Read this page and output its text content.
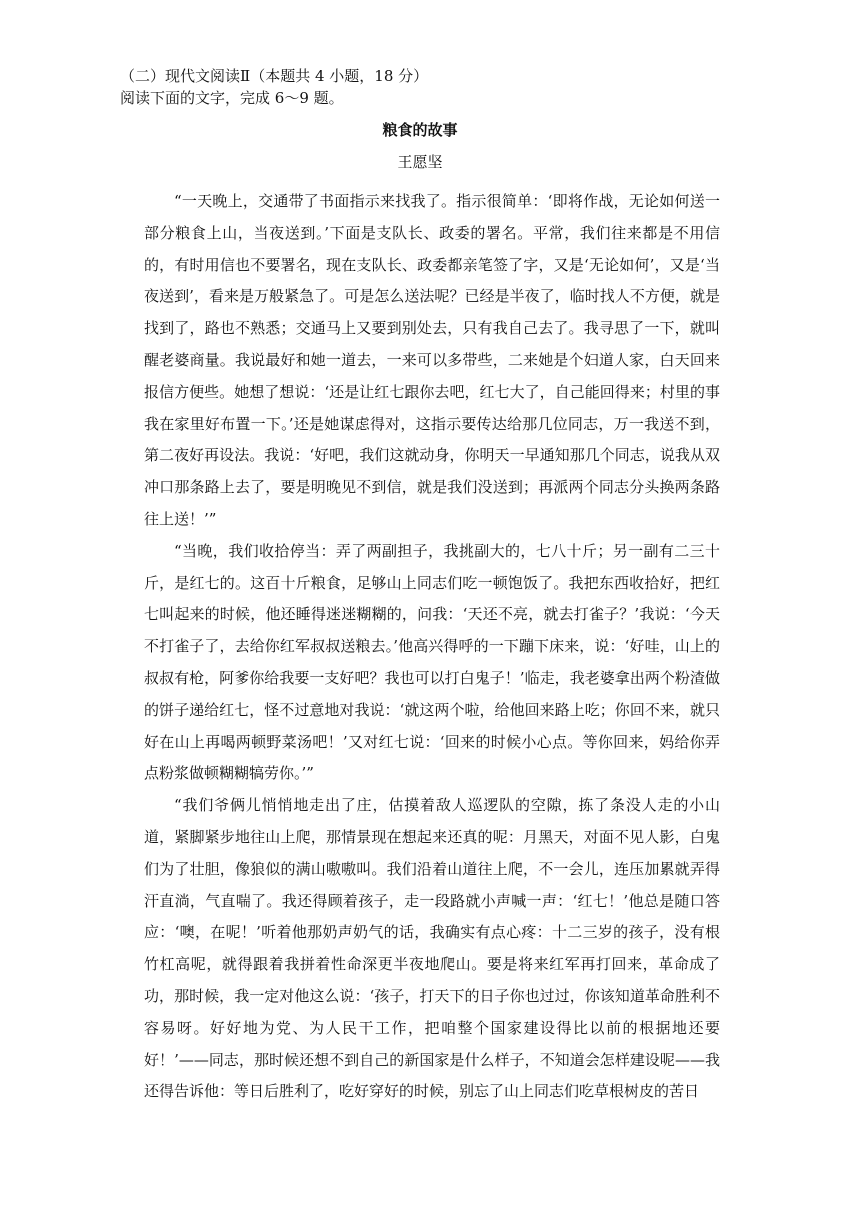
（二）现代文阅读Ⅱ（本题共 4 小题，18 分）
阅读下面的文字，完成 6～9 题。
粮食的故事
王愿坚

“一天晚上，交通带了书面指示来找我了。指示很简单：‘即将作战，无论如何送一部分粮食上山，当夜送到。’下面是支队长、政委的署名。平常，我们往来都是不用信的，有时用信也不要署名，现在支队长、政委都亲笔签了字，又是‘无论如何’，又是‘当夜送到’，看来是万般紧急了。可是怎么送法呢？已经是半夜了，临时找人不方便，就是找到了，路也不熟悉；交通马上又要到别处去，只有我自己去了。我寻思了一下，就叫醒老婆商量。我说最好和她一道去，一来可以多带些，二来她是个妇道人家，白天回来报信方便些。她想了想说：‘还是让红七跟你去吧，红七大了，自己能回得来；村里的事我在家里好布置一下。’还是她谋虑得对，这指示要传达给那几位同志，万一我送不到，第二夜好再设法。我说：‘好吧，我们这就动身，你明天一早通知那几个同志，说我从双冲口那条路上去了，要是明晚见不到信，就是我们没送到；再派两个同志分头换两条路往上送！’”

“当晚，我们收拾停当：弄了两副担子，我挑副大的，七八十斤；另一副有二三十斤，是红七的。这百十斤粮食，足够山上同志们吃一顿饱饭了。我把东西收拾好，把红七叫起来的时候，他还睡得迷迷糊糊的，问我：‘天还不亮，就去打雀子？’我说：‘今天不打雀子了，去给你红军叔叔送粮去。’他高兴得呼的一下蹦下床来，说：‘好哇，山上的叔叔有枪，阿爹你给我要一支好吧？我也可以打白鬼子！’临走，我老婆拿出两个粉渣做的饼子递给红七，怪不过意地对我说：‘就这两个啦，给他回来路上吃；你回不来，就只好在山上再喝两顿野菜汤吧！’又对红七说：‘回来的时候小心点。等你回来，妈给你弄点粉浆做顿糊糊犒劳你。’”

“我们爷俩儿悄悄地走出了庄，估摸着敌人巡逻队的空隙，拣了条没人走的小山道，紧脚紧步地往山上爬，那情景现在想起来还真的呢：月黑天，对面不见人影，白鬼们为了壮胆，像狼似的满山嗷嗷叫。我们沿着山道往上爬，不一会儿，连压加累就弄得汗直淌，气直喘了。我还得顾着孩子，走一段路就小声喊一声：‘红七！’他总是随口答应：‘噢，在呢！’听着他那奶声奶气的话，我确实有点心疼：十二三岁的孩子，没有根竹杠高呢，就得跟着我拼着性命深更半夜地爬山。要是将来红军再打回来，革命成了功，那时候，我一定对他这么说：‘孩子，打天下的日子你也过过，你该知道革命胜利不容易呀。好好地为党、为人民干工作，把咱整个国家建设得比以前的根据地还要好！’——同志，那时候还想不到自己的新国家是什么样子，不知道会怎样建设呢——我还得告诉他：等日后胜利了，吃好穿好的时候，别忘了山上同志们吃草根树皮的苦日
